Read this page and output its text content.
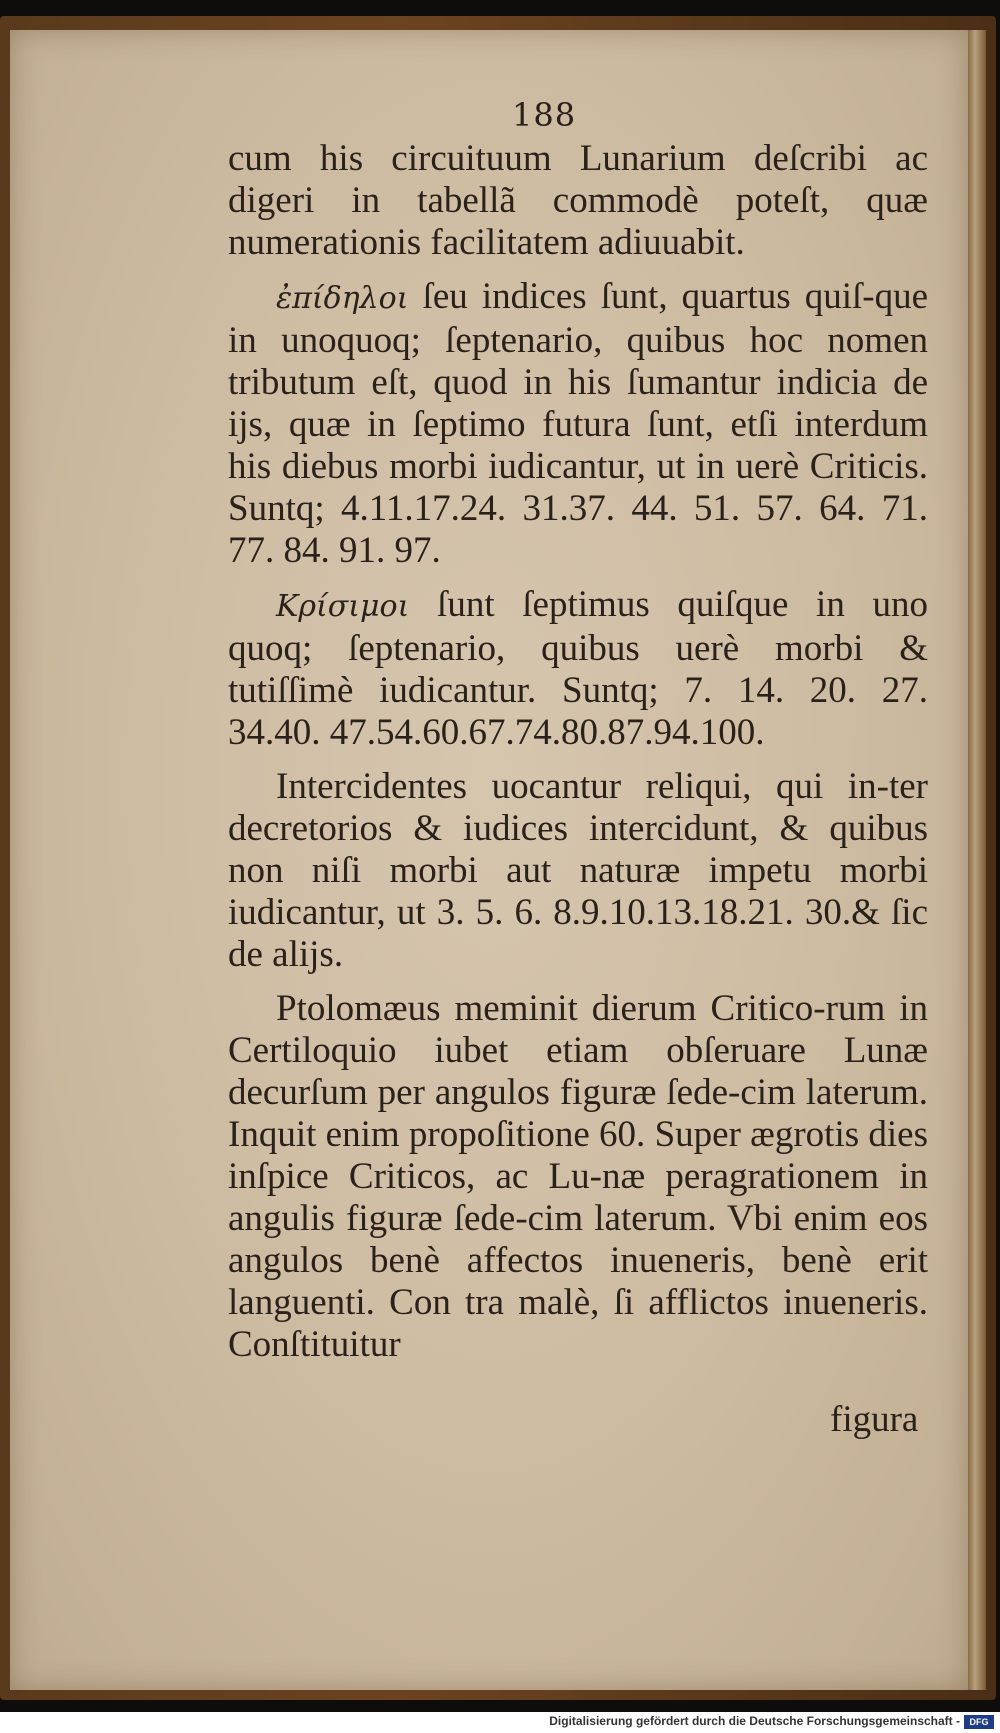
188

cum his circuituum Lunarium deſcribi ac digeri in tabellã commodè poteſt, quæ numerationis facilitatem adiuuabit.

ἐπίδηλοι ſeu indices ſunt, quartus quiſ-que in unoquoq; ſeptenario, quibus hoc nomen tributum eſt, quod in his ſumantur indicia de ijs, quæ in ſeptimo futura ſunt, etſi interdum his diebus morbi iudicantur, ut in uerè Criticis. Suntq; 4.11.17.24. 31.37. 44. 51. 57. 64. 71. 77. 84. 91. 97.

Κρίσιμοι ſunt ſeptimus quiſque in uno quoq; ſeptenario, quibus uerè morbi & tutiſſimè iudicantur. Suntq; 7. 14. 20. 27. 34.40. 47.54.60.67.74.80.87.94.100.

Intercidentes uocantur reliqui, qui in-ter decretorios & iudices intercidunt, & quibus non niſi morbi aut naturæ impetu morbi iudicantur, ut 3. 5. 6. 8.9.10.13.18.21. 30.& ſic de alijs.

Ptolomæus meminit dierum Critico-rum in Certiloquio iubet etiam obſeruare Lunæ decurſum per angulos figuræ ſede-cim laterum. Inquit enim propoſitione 60. Super ægrotis dies inſpice Criticos, ac Lu-næ peragrationem in angulis figuræ ſede-cim laterum. Vbi enim eos angulos benè affectos inueneris, benè erit languenti. Con tra malè, ſi afflictos inueneris. Conſtituitur

figura
Digitalisierung gefördert durch die Deutsche Forschungsgemeinschaft -	DFG
